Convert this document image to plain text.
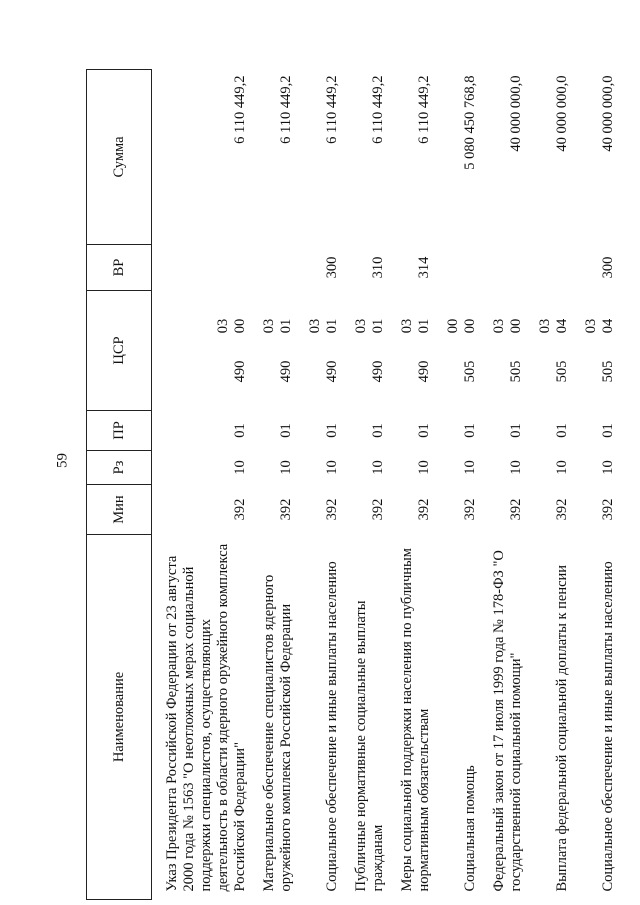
59
Наименование	Мин	Рз	ПР	ЦСР	ВР	Сумма
Указ Президента Российской Федерации от 23 августа 2000 года № 1563 "О неотложных мерах социальной поддержки специалистов, осуществляющих деятельность в области ядерного оружейного комплекса Российской Федерации"	392	10	01	490 03 00		6 110 449,2
Материальное обеспечение специалистов ядерного оружейного комплекса Российской Федерации	392	10	01	490 03 01		6 110 449,2
Социальное обеспечение и иные выплаты населению	392	10	01	490 03 01	300	6 110 449,2
Публичные нормативные социальные выплаты гражданам	392	10	01	490 03 01	310	6 110 449,2
Меры социальной поддержки населения по публичным нормативным обязательствам	392	10	01	490 03 01	314	6 110 449,2
Социальная помощь	392	10	01	505 00 00		5 080 450 768,8
Федеральный закон от 17 июля 1999 года № 178-ФЗ "О государственной социальной помощи"	392	10	01	505 03 00		40 000 000,0
Выплата федеральной социальной доплаты к пенсии	392	10	01	505 03 04		40 000 000,0
Социальное обеспечение и иные выплаты населению	392	10	01	505 03 04	300	40 000 000,0
